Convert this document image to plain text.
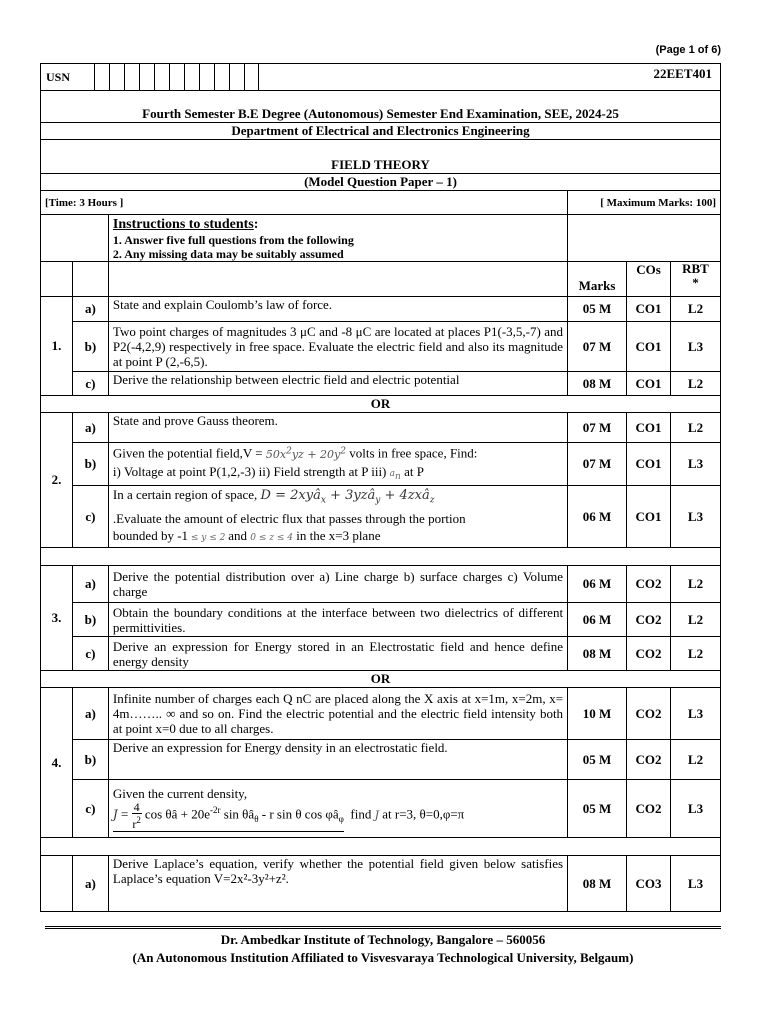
(Page 1 of 6)
USN 22EET401					

Fourth Semester B.E Degree (Autonomous) Semester End Examination, SEE, 2024-25					
Department of Electrical and Electronics Engineering					
FIELD THEORY					
(Model Question Paper – 1)					
[Time: 3 Hours ]			[ Maximum Marks: 100]		

		Instructions to students:
1. Answer five full questions from the following
2. Any missing data may be suitably assumed			

			Marks	COs	RBT
*
1.	a)	State and explain Coulomb’s law of force.	05 M	CO1	L2
	b)	Two point charges of magnitudes 3 μC and -8 μC are located at places P1(-3,5,-7) and P2(-4,2,9) respectively in free space. Evaluate the electric field and also its magnitude at point P (2,-6,5).	07 M	CO1	L3
	c)	Derive the relationship between electric field and electric potential	08 M	CO1	L2
OR					
2.	a)	State and prove Gauss theorem.	07 M	CO1	L2
	b)	Given the potential field,V = $50x^2yz + 20y^2$ volts in free space, Find:
i) Voltage at point P(1,2,-3) ii) Field strength at P iii) $a_n$ at P	07 M	CO1	L3
	c)	In a certain region of space, D = 2xyâ$_x$ + 3yzâ$_y$ + 4zxâ$_z$
.Evaluate the amount of electric flux that passes through the portion
bounded by -1 ≤ y ≤ 2 and 0 ≤ z ≤ 4 in the x=3 plane	06 M	CO1	L3

3.	a)	Derive the potential distribution over a) Line charge b) surface charges c) Volume charge	06 M	CO2	L2
	b)	Obtain the boundary conditions at the interface between two dielectrics of different permittivities.	06 M	CO2	L2
	c)	Derive an expression for Energy stored in an Electrostatic field and hence define energy density	08 M	CO2	L2
OR					
4.	a)	Infinite number of charges each Q nC are placed along the X axis at x=1m, x=2m, x= 4m…….. ∞ and so on. Find the electric potential and the electric field intensity both at point x=0 due to all charges.	10 M	CO2	L3
	b)	Derive an expression for Energy density in an electrostatic field.	05 M	CO2	L2
	c)	Given the current density,
$J = \frac{4}{r^2}$ cos θâ + $20e^{-2r}$ $\sin \theta â_\theta$ - r sin θ $\cos \varphi â_\varphi$ find J at r=3, θ=0,φ=π	05 M	CO2	L3

	a)	Derive Laplace’s equation, verify whether the potential field given below satisfies Laplace’s equation V=2x²-3y²+z².	08 M	CO3	L3
Dr. Ambedkar Institute of Technology, Bangalore – 560056
(An Autonomous Institution Affiliated to Visvesvaraya Technological University, Belgaum)
